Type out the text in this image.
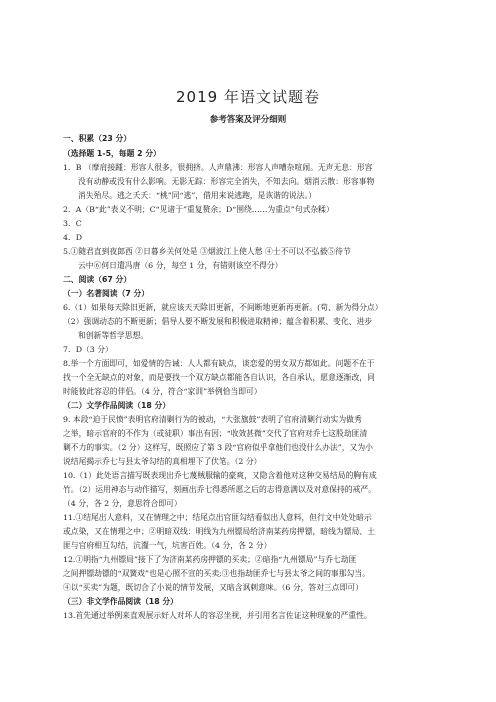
2019 年语文试题卷
参考答案及评分细则
一、积累（23 分）
（选择题 1-5，每题 2 分）
1．B （摩肩接踵：形容人很多，很拥挤。人声鼎沸：形容人声嘈杂喧闹。无声无息：形容
没有动静或没有什么影响。无影无踪：形容完全消失，不知去向。烟消云散：形容事物
消失殆尽。逃之夭夭：“桃”同“逃”，借用来说逃跑，是诙谐的说法。）
2．A（B“此”表义不明；C“见诸于”重复赘余；D“围绕……为重点”句式杂糅）
3．C
4．D
5.①随君直到夜郎西 ②日暮乡关何处是 ③烟波江上使人愁 ④士不可以不弘毅⑤待节
云中⑥何日遣冯唐（6 分，每空 1 分，有错则该空不得分）
二、阅读（67 分）
（一）名著阅读（7 分）
6.（1）如果每天除旧更新，就应该天天除旧更新，不间断地更新再更新。(苟、新为得分点）
（2）强调动态的不断更新；倡导人要不断发展和积极进取精神；蕴含着积累、变化、进步
和创新等哲学思想。
7．D（3 分）
8.举一个方面即可，如爱情的告诫：人人都有缺点，谈恋爱的男女双方都如此。问题不在于
找一个全无缺点的对象，而是要找一个双方缺点都能各自认识，各自承认，愿意逐渐改，同
时能彼此容忍的伴侣。（4 分，符合“家训”举例恰当即可）
（二）文学作品阅读（18 分）
9. 本段“迫于民愤”表明官府清剿行为的被动，“大张旗鼓”表明了官府清剿行动实为做秀
之举，暗示官府的不作为（或徒职）事出有因；“收效甚微”交代了官府对乔七这股劫匪清
剿不力的事实。（2 分）这样写，既照应了第 3 段“官府似乎拿他们也没什么办法”，又为小
说结尾揭示乔七与县太爷勾结的真相埋下了伏笔。（2 分）
10.（1）此处语言描写既表现出乔七蔑贼服输的豪爽，又隐含着他对这种交易结局的胸有成
竹。（2）运用神态与动作描写，刻画出乔七得悉所愿之后的志得意满以及对意保持的戒严。
（4 分，各 2 分，意思符合即可）
11.①结尾出人意料，又在情理之中；结尾点出官匪勾结看似出人意料，但行文中处处暗示
或点染，又在情理之中；②明暗双线：明线为九州镖局给济南某药房押镖，暗线为镖局、土
匪与官府相互勾结，沆瀣一气，坑害百姓。（4 分，各 2 分）
12.①明指“九州镖局”接下了为济南某药房押镖的买卖；②暗指“九州镖局”与乔七劫匪
之间押镖劫镖的“双簧戏”也是心照不宣的买卖;③也指劫匪乔七与县太爷之间的事那勾当。
④以“买卖”为题，既切合了小说的情节发展，又暗含讽刺意味。（6 分，答对三点即可）
（三）非文学作品阅读（18 分）
13.首先通过举例来直观展示好人对坏人的容忍坐视，并引用名言佐证这种现象的严重性。
